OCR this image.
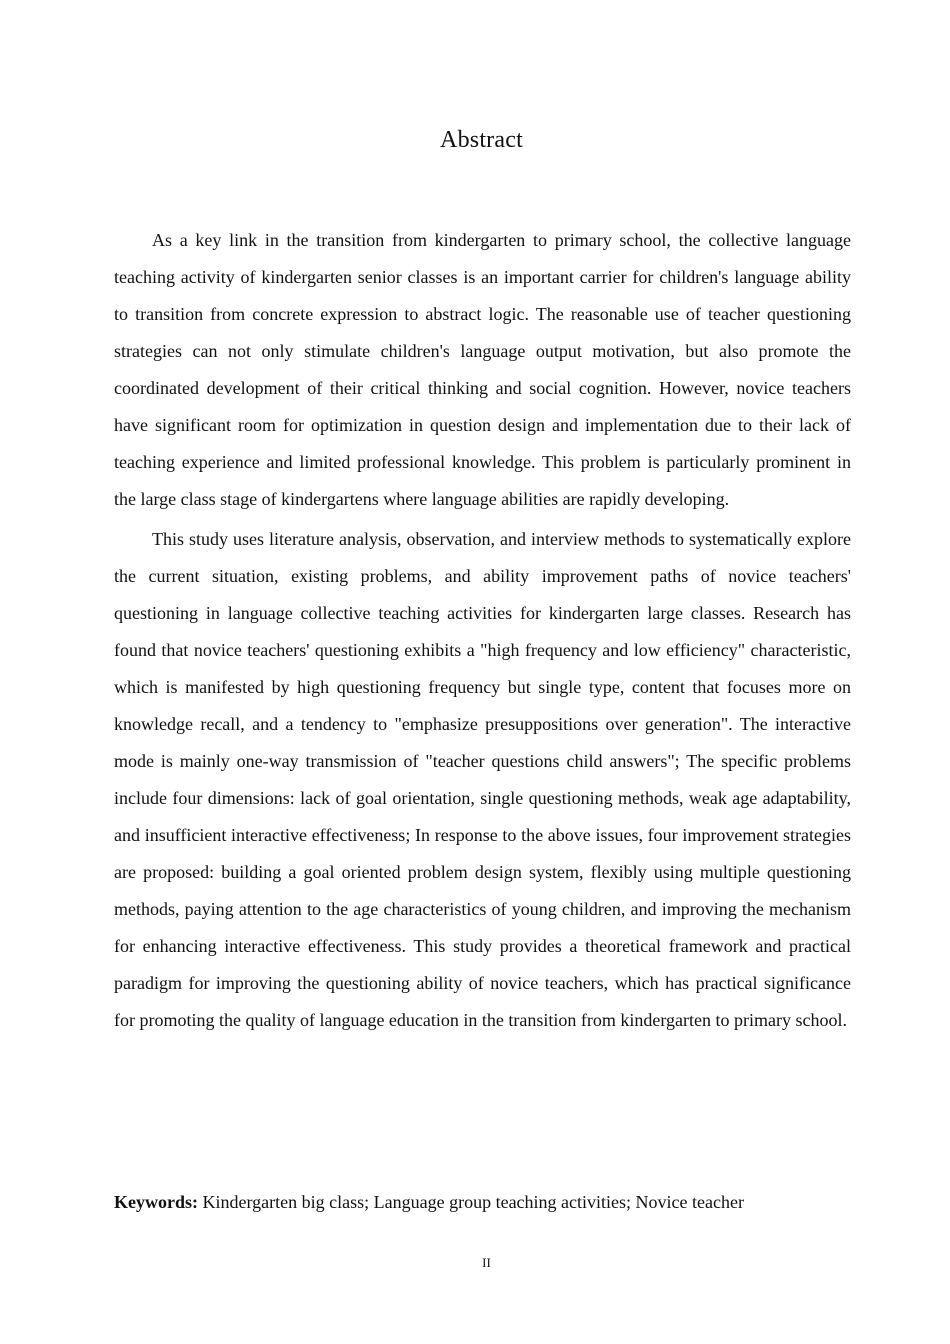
Abstract

As a key link in the transition from kindergarten to primary school, the collective language teaching activity of kindergarten senior classes is an important carrier for children's language ability to transition from concrete expression to abstract logic. The reasonable use of teacher questioning strategies can not only stimulate children's language output motivation, but also promote the coordinated development of their critical thinking and social cognition. However, novice teachers have significant room for optimization in question design and implementation due to their lack of teaching experience and limited professional knowledge. This problem is particularly prominent in the large class stage of kindergartens where language abilities are rapidly developing.

This study uses literature analysis, observation, and interview methods to systematically explore the current situation, existing problems, and ability improvement paths of novice teachers' questioning in language collective teaching activities for kindergarten large classes. Research has found that novice teachers' questioning exhibits a "high frequency and low efficiency" characteristic, which is manifested by high questioning frequency but single type, content that focuses more on knowledge recall, and a tendency to "emphasize presuppositions over generation". The interactive mode is mainly one-way transmission of "teacher questions child answers"; The specific problems include four dimensions: lack of goal orientation, single questioning methods, weak age adaptability, and insufficient interactive effectiveness; In response to the above issues, four improvement strategies are proposed: building a goal oriented problem design system, flexibly using multiple questioning methods, paying attention to the age characteristics of young children, and improving the mechanism for enhancing interactive effectiveness. This study provides a theoretical framework and practical paradigm for improving the questioning ability of novice teachers, which has practical significance for promoting the quality of language education in the transition from kindergarten to primary school.

Keywords: Kindergarten big class; Language group teaching activities; Novice teacher
II
